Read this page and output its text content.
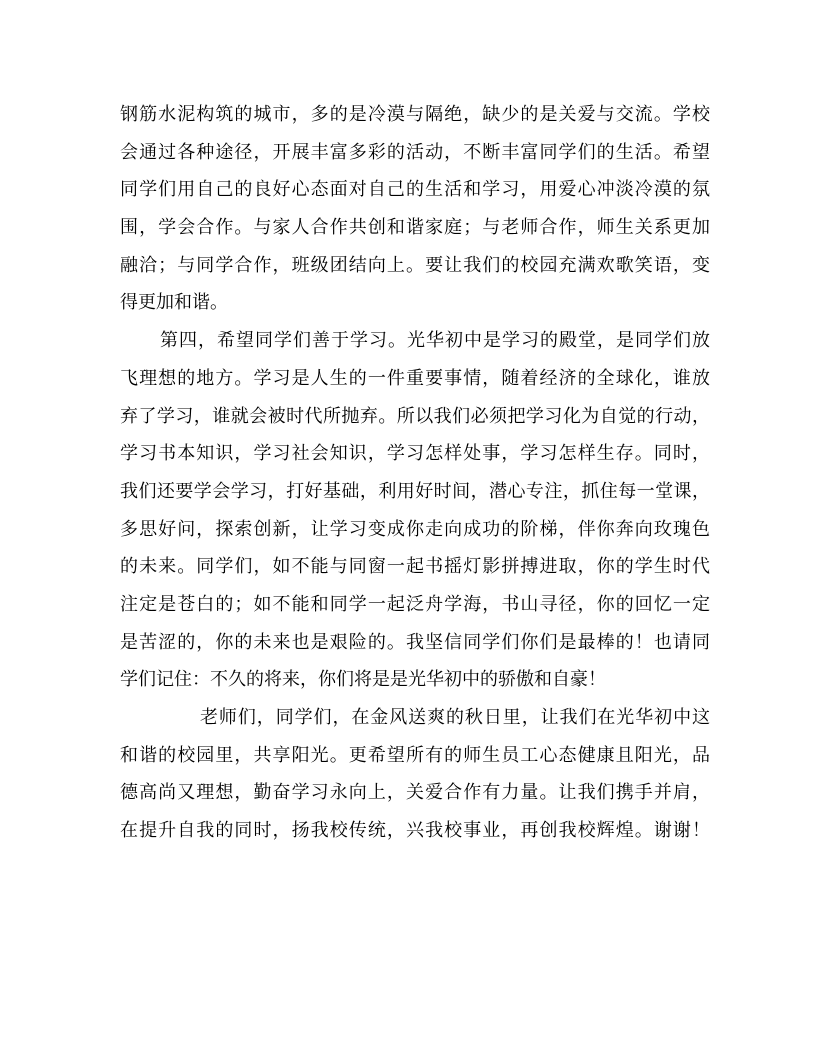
钢筋水泥构筑的城市，多的是冷漠与隔绝，缺少的是关爱与交流。学校
会通过各种途径，开展丰富多彩的活动，不断丰富同学们的生活。希望
同学们用自己的良好心态面对自己的生活和学习，用爱心冲淡冷漠的氛
围，学会合作。与家人合作共创和谐家庭；与老师合作，师生关系更加
融洽；与同学合作，班级团结向上。要让我们的校园充满欢歌笑语，变
得更加和谐。
第四，希望同学们善于学习。光华初中是学习的殿堂，是同学们放
飞理想的地方。学习是人生的一件重要事情，随着经济的全球化，谁放
弃了学习，谁就会被时代所抛弃。所以我们必须把学习化为自觉的行动，
学习书本知识，学习社会知识，学习怎样处事，学习怎样生存。同时，
我们还要学会学习，打好基础，利用好时间，潜心专注，抓住每一堂课，
多思好问，探索创新，让学习变成你走向成功的阶梯，伴你奔向玫瑰色
的未来。同学们，如不能与同窗一起书摇灯影拼搏进取，你的学生时代
注定是苍白的；如不能和同学一起泛舟学海，书山寻径，你的回忆一定
是苦涩的，你的未来也是艰险的。我坚信同学们你们是最棒的！也请同
学们记住：不久的将来，你们将是是光华初中的骄傲和自豪！
老师们，同学们，在金风送爽的秋日里，让我们在光华初中这
和谐的校园里，共享阳光。更希望所有的师生员工心态健康且阳光，品
德高尚又理想，勤奋学习永向上，关爱合作有力量。让我们携手并肩，
在提升自我的同时，扬我校传统，兴我校事业，再创我校辉煌。谢谢！
